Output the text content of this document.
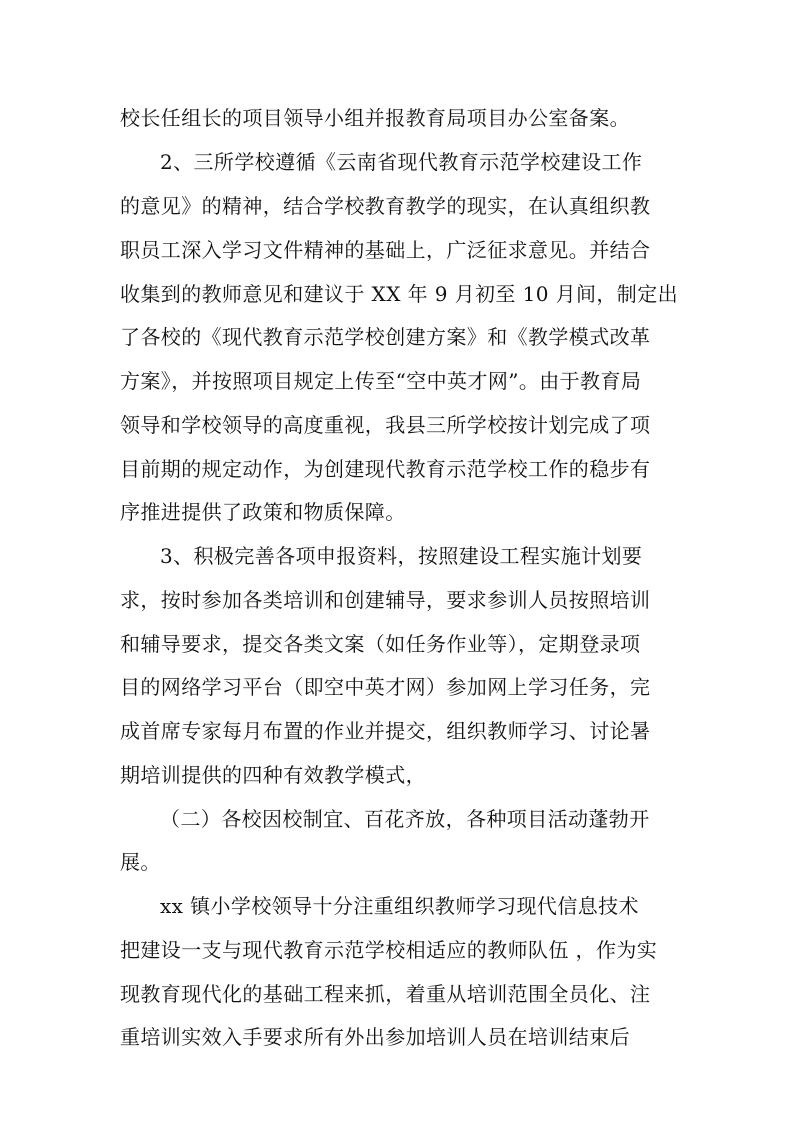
校长任组长的项目领导小组并报教育局项目办公室备案。
2、三所学校遵循《云南省现代教育示范学校建设工作
的意见》的精神，结合学校教育教学的现实，在认真组织教
职员工深入学习文件精神的基础上，广泛征求意见。并结合
收集到的教师意见和建议于 XX 年 9 月初至 10 月间，制定出
了各校的《现代教育示范学校创建方案》和《教学模式改革
方案》，并按照项目规定上传至“空中英才网”。由于教育局
领导和学校领导的高度重视，我县三所学校按计划完成了项
目前期的规定动作，为创建现代教育示范学校工作的稳步有
序推进提供了政策和物质保障。
3、积极完善各项申报资料，按照建设工程实施计划要
求，按时参加各类培训和创建辅导，要求参训人员按照培训
和辅导要求，提交各类文案（如任务作业等），定期登录项
目的网络学习平台（即空中英才网）参加网上学习任务，完
成首席专家每月布置的作业并提交，组织教师学习、讨论暑
期培训提供的四种有效教学模式，
（二）各校因校制宜、百花齐放，各种项目活动蓬勃开
展。
xx 镇小学校领导十分注重组织教师学习现代信息技术
把建设一支与现代教育示范学校相适应的教师队伍 ，作为实
现教育现代化的基础工程来抓，着重从培训范围全员化、注
重培训实效入手要求所有外出参加培训人员在培训结束后
